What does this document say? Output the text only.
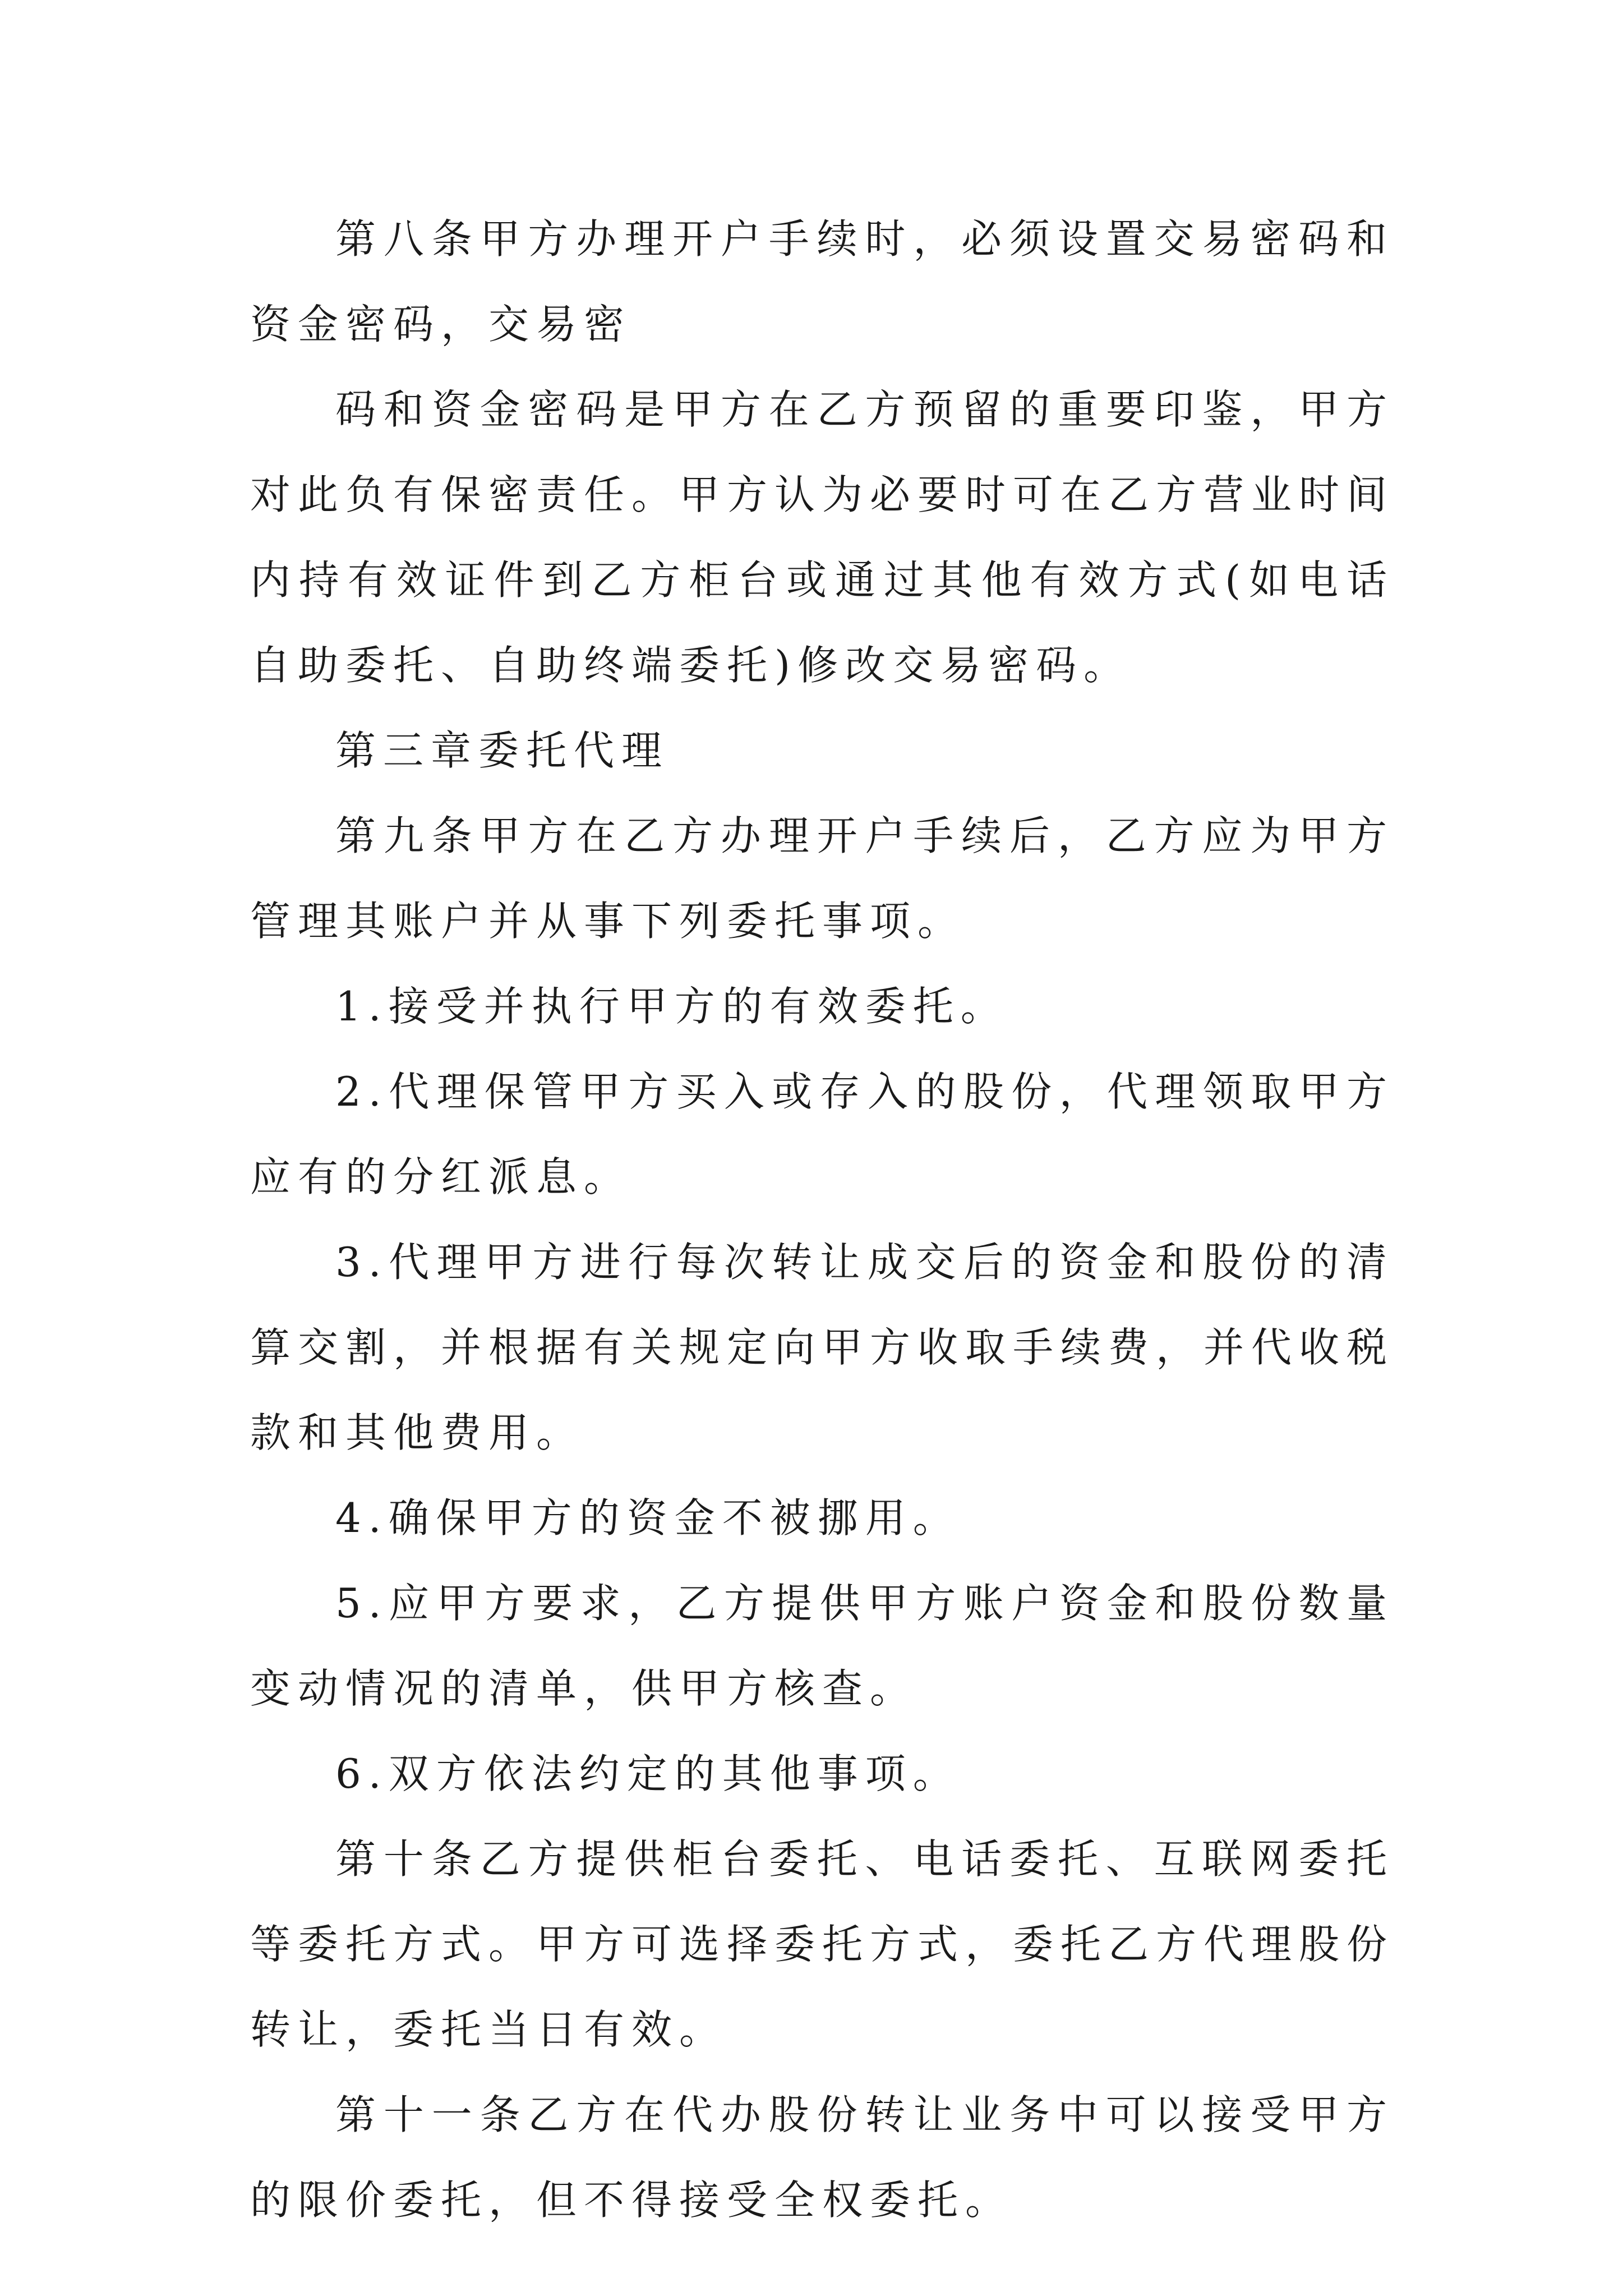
第八条甲方办理开户手续时，必须设置交易密码和资金密码，交易密

码和资金密码是甲方在乙方预留的重要印鉴，甲方对此负有保密责任。甲方认为必要时可在乙方营业时间内持有效证件到乙方柜台或通过其他有效方式(如电话自助委托、自助终端委托)修改交易密码。

第三章委托代理

第九条甲方在乙方办理开户手续后，乙方应为甲方管理其账户并从事下列委托事项。

1.接受并执行甲方的有效委托。

2.代理保管甲方买入或存入的股份，代理领取甲方应有的分红派息。

3.代理甲方进行每次转让成交后的资金和股份的清算交割，并根据有关规定向甲方收取手续费，并代收税款和其他费用。

4.确保甲方的资金不被挪用。

5.应甲方要求，乙方提供甲方账户资金和股份数量变动情况的清单，供甲方核查。

6.双方依法约定的其他事项。

第十条乙方提供柜台委托、电话委托、互联网委托等委托方式。甲方可选择委托方式，委托乙方代理股份转让，委托当日有效。

第十一条乙方在代办股份转让业务中可以接受甲方的限价委托，但不得接受全权委托。
